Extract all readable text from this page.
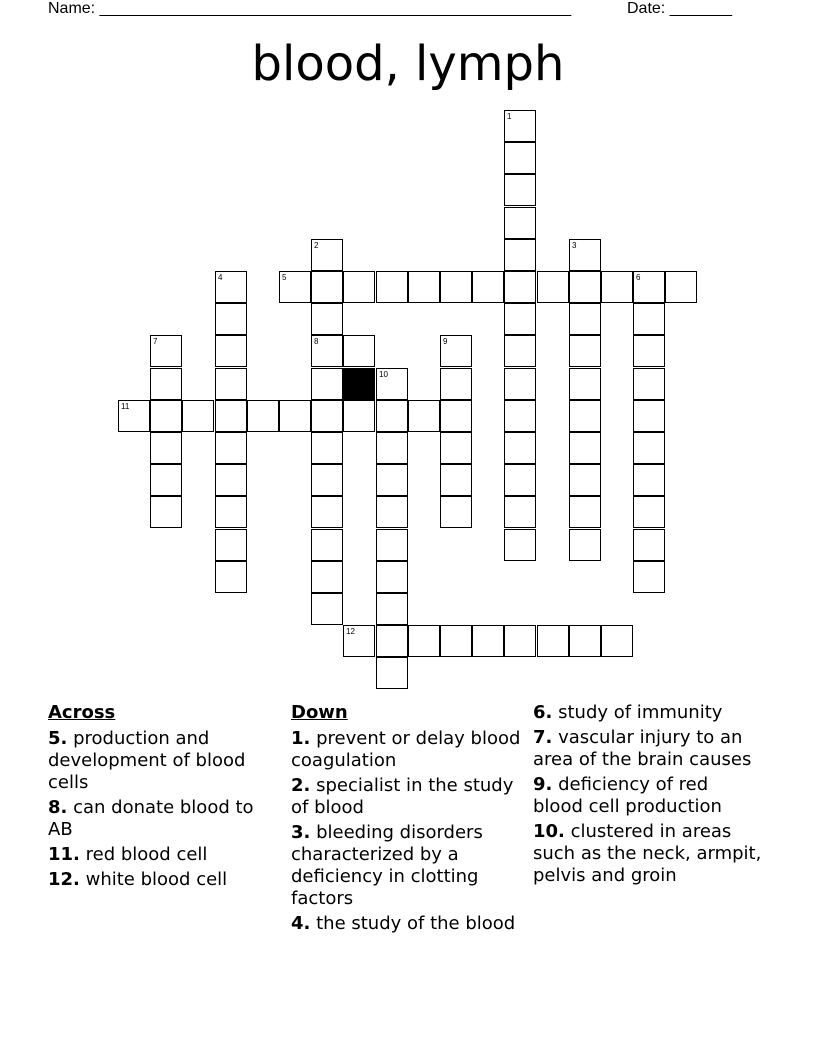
Name: _____________________________________________________	Date: _______
blood, lymph
1
2
8
3
4	5	6
7	9
10
11
12
Across
5. production and development of blood cells
8. can donate blood to AB
11. red blood cell
12. white blood cell
Down
1. prevent or delay blood coagulation
2. specialist in the study of blood
3. bleeding disorders characterized by a deficiency in clotting factors
4. the study of the blood
6. study of immunity
7. vascular injury to an area of the brain causes
9. deficiency of red blood cell production
10. clustered in areas such as the neck, armpit, pelvis and groin
